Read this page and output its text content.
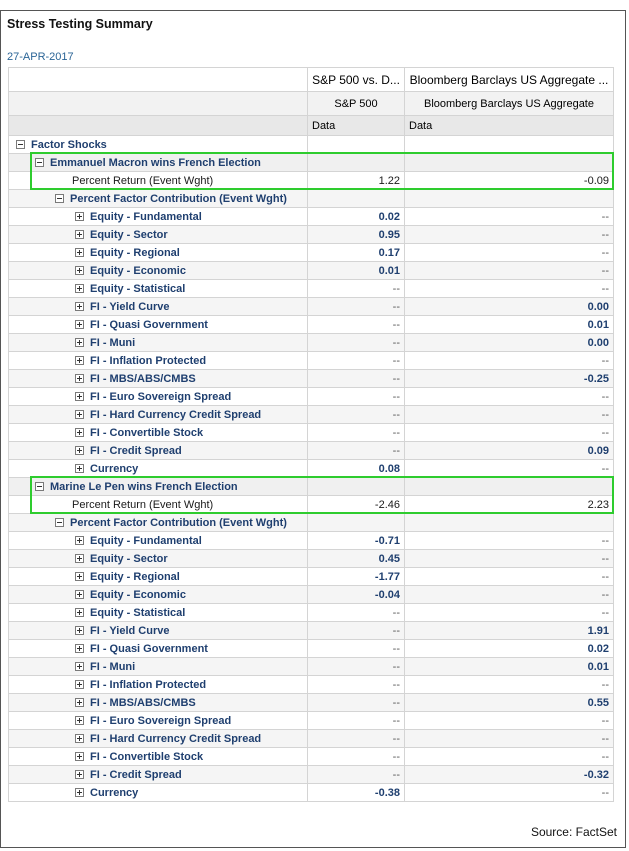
Stress Testing Summary
27-APR-2017
	S&P 500 vs. D...	Bloomberg Barclays US Aggregate ...
	S&P 500	Bloomberg Barclays US Aggregate
	Data	Data
Factor Shocks		
Emmanuel Macron wins French Election		
Percent Return (Event Wght)	1.22	-0.09
Percent Factor Contribution (Event Wght)		
Equity - Fundamental	0.02	--
Equity - Sector	0.95	--
Equity - Regional	0.17	--
Equity - Economic	0.01	--
Equity - Statistical	--	--
FI - Yield Curve	--	0.00
FI - Quasi Government	--	0.01
FI - Muni	--	0.00
FI - Inflation Protected	--	--
FI - MBS/ABS/CMBS	--	-0.25
FI - Euro Sovereign Spread	--	--
FI - Hard Currency Credit Spread	--	--
FI - Convertible Stock	--	--
FI - Credit Spread	--	0.09
Currency	0.08	--
Marine Le Pen wins French Election		
Percent Return (Event Wght)	-2.46	2.23
Percent Factor Contribution (Event Wght)		
Equity - Fundamental	-0.71	--
Equity - Sector	0.45	--
Equity - Regional	-1.77	--
Equity - Economic	-0.04	--
Equity - Statistical	--	--
FI - Yield Curve	--	1.91
FI - Quasi Government	--	0.02
FI - Muni	--	0.01
FI - Inflation Protected	--	--
FI - MBS/ABS/CMBS	--	0.55
FI - Euro Sovereign Spread	--	--
FI - Hard Currency Credit Spread	--	--
FI - Convertible Stock	--	--
FI - Credit Spread	--	-0.32
Currency	-0.38	--
Source: FactSet
